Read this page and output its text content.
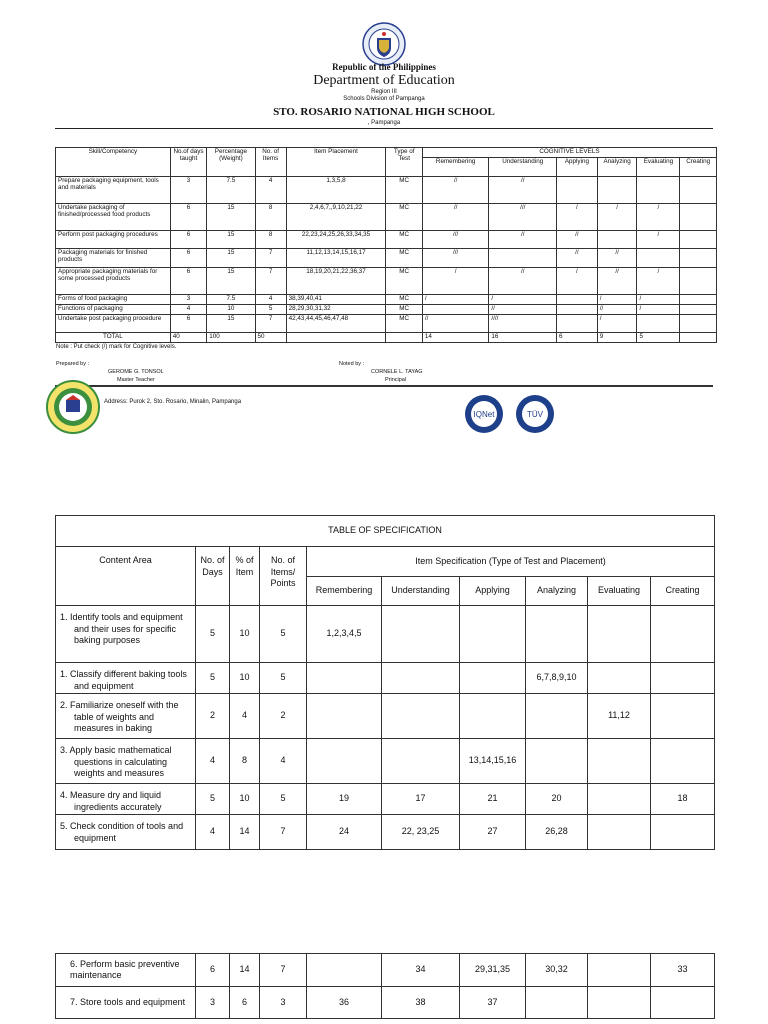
Republic of the Philippines
Department of Education
Region III
Schools Division of Pampanga
STO. ROSARIO NATIONAL HIGH SCHOOL
, Pampanga
Skill/Competency	No.of days taught	Percentage (Weight)	No. of Items	Item Placement	Type of Test	COGNITIVE LEVELS					
						Remembering	Understanding	Applying	Analyzing	Evaluating	Creating
Prepare packaging equipment, tools and materials	3	7.5	4	1,3,5,8	MC	//	//				
Undertake packaging of finished/processed food products	6	15	8	2,4,6,7,,9,10,21,22	MC	//	///	/	/	/	
Perform post packaging procedures	6	15	8	22,23,24,25,26,33,34,35	MC	///	//	//		/	
Packaging materials for finished products	6	15	7	11,12,13,14,15,16,17	MC	///		//	//		
Appropriate packaging materials for some processed products	6	15	7	18,19,20,21,22,36,37	MC	/	//	/	//	/	
Forms of food packaging	3	7.5	4	38,39,40,41	MC	/	/		/	/	
Functions of packaging	4	10	5	28,29,30,31,32	MC		//		//	/	
Undertake post packaging procedure	6	15	7	42,43,44,45,46,47,48	MC	//	////		/		
TOTAL	40	100	50			14	16	6	9	5	
Note : Put check (/) mark for Cognitive levels.
Prepared by :	Noted by :
GEROME G. TONSOL
Master Teacher
CORNELE L. TAYAG
Principal
Address: Purok 2, Sto. Rosario, Minalin, Pampanga
IQNet	TÜV
TABLE OF SPECIFICATION									
Content Area	No. of Days	% of Item	No. of Items/ Points	Item Specification (Type of Test and Placement)					
				Remembering	Understanding	Applying	Analyzing	Evaluating	Creating

1. Identify tools and equipment and their uses for specific baking purposes	5	10	5	1,2,3,4,5					

1. Classify different baking tools and equipment	5	10	5				6,7,8,9,10		

2. Familiarize oneself with the table of weights and measures in baking	2	4	2					11,12	

3. Apply basic mathematical questions in calculating weights and measures	4	8	4			13,14,15,16			

4. Measure dry and liquid ingredients accurately	5	10	5	19	17	21	20		18

5. Check condition of tools and equipment	4	14	7	24	22, 23,25	27	26,28		
6. Perform basic preventive maintenance	6	14	7		34	29,31,35	30,32		33
7. Store tools and equipment	3	6	3	36	38	37			
